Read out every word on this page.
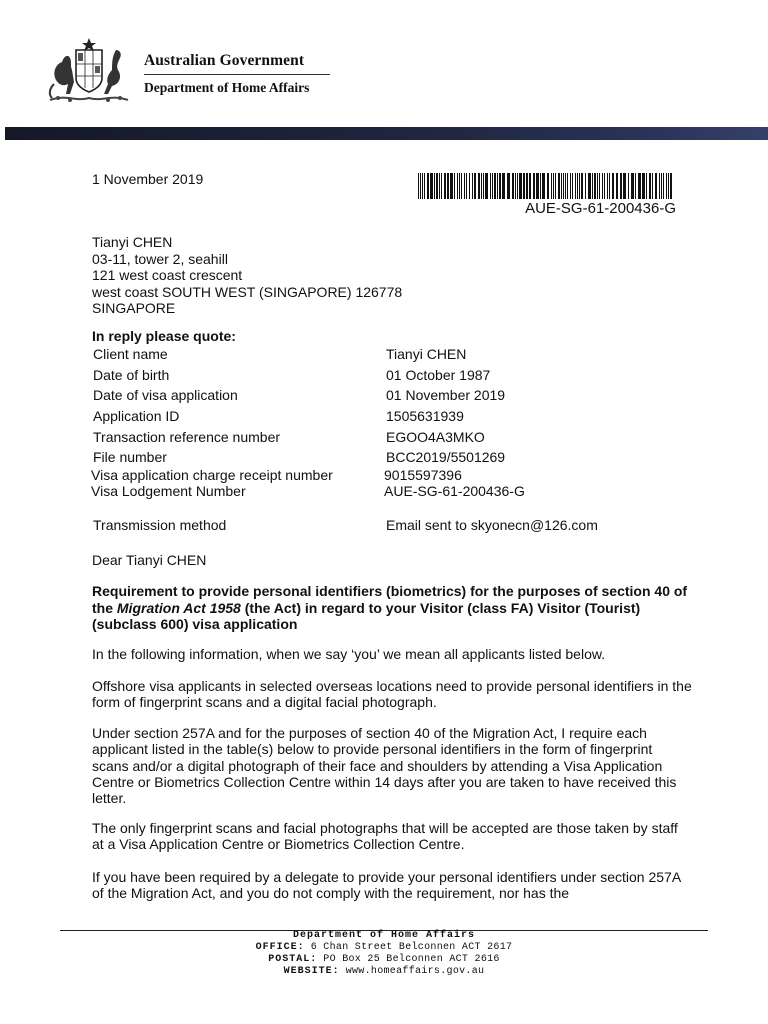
Australian Government
Department of Home Affairs
1 November 2019
AUE-SG-61-200436-G
Tianyi CHEN
03-11, tower 2, seahill
121 west coast crescent
west coast SOUTH WEST (SINGAPORE) 126778
SINGAPORE
In reply please quote:
Client name	Tianyi CHEN
Date of birth	01 October 1987
Date of visa application	01 November 2019
Application ID	1505631939
Transaction reference number	EGOO4A3MKO
File number	BCC2019/5501269
Visa application charge receipt number	9015597396
Visa Lodgement Number	AUE-SG-61-200436-G
Transmission method	Email sent to skyonecn@126.com
Dear Tianyi CHEN
Requirement to provide personal identifiers (biometrics) for the purposes of section 40 of the Migration Act 1958 (the Act) in regard to your Visitor (class FA) Visitor (Tourist) (subclass 600) visa application
In the following information, when we say ‘you’ we mean all applicants listed below.
Offshore visa applicants in selected overseas locations need to provide personal identifiers in the form of fingerprint scans and a digital facial photograph.
Under section 257A and for the purposes of section 40 of the Migration Act, I require each applicant listed in the table(s) below to provide personal identifiers in the form of fingerprint scans and/or a digital photograph of their face and shoulders by attending a Visa Application Centre or Biometrics Collection Centre within 14 days after you are taken to have received this letter.
The only fingerprint scans and facial photographs that will be accepted are those taken by staff at a Visa Application Centre or Biometrics Collection Centre.
If you have been required by a delegate to provide your personal identifiers under section 257A of the Migration Act, and you do not comply with the requirement, nor has the
Department of Home Affairs
OFFICE: 6 Chan Street Belconnen ACT 2617
POSTAL: PO Box 25 Belconnen ACT 2616
WEBSITE: www.homeaffairs.gov.au
